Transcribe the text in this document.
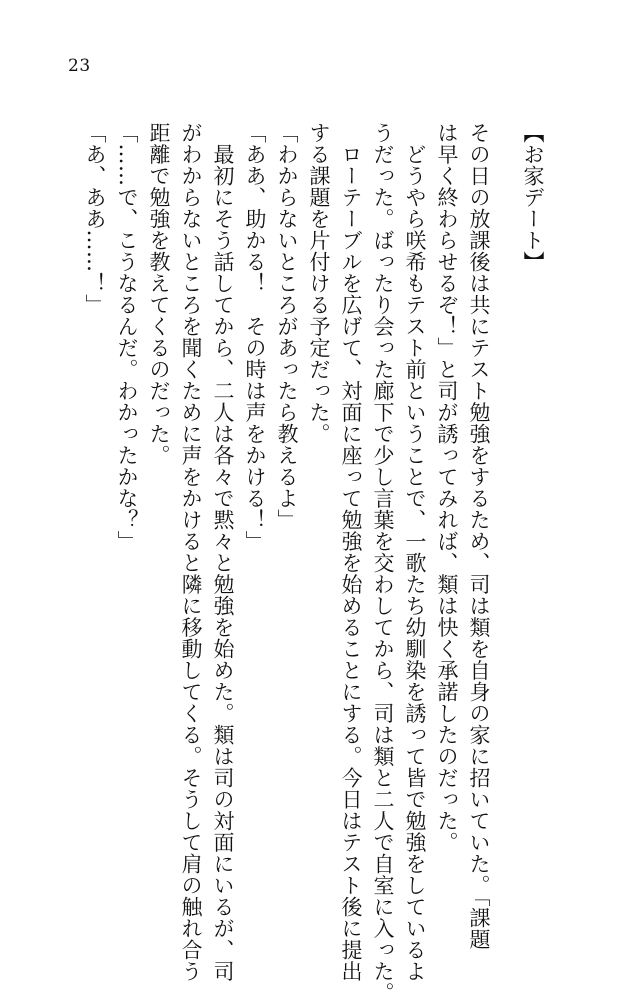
23
【お家デート】
その日の放課後は共にテスト勉強をするため、司は類を自身の家に招いていた。「課題
は早く終わらせるぞ！」と司が誘ってみれば、類は快く承諾したのだった。
　どうやら咲希もテスト前ということで、一歌たち幼馴染を誘って皆で勉強をしているよ
うだった。ばったり会った廊下で少し言葉を交わしてから、司は類と二人で自室に入った。
　ローテーブルを広げて、対面に座って勉強を始めることにする。今日はテスト後に提出
する課題を片付ける予定だった。
「わからないところがあったら教えるよ」
「ああ、助かる！　その時は声をかける！」
　最初にそう話してから、二人は各々で黙々と勉強を始めた。類は司の対面にいるが、司
がわからないところを聞くために声をかけると隣に移動してくる。そうして肩の触れ合う
距離で勉強を教えてくるのだった。
「……で、こうなるんだ。わかったかな？」
「あ、ああ……！」
